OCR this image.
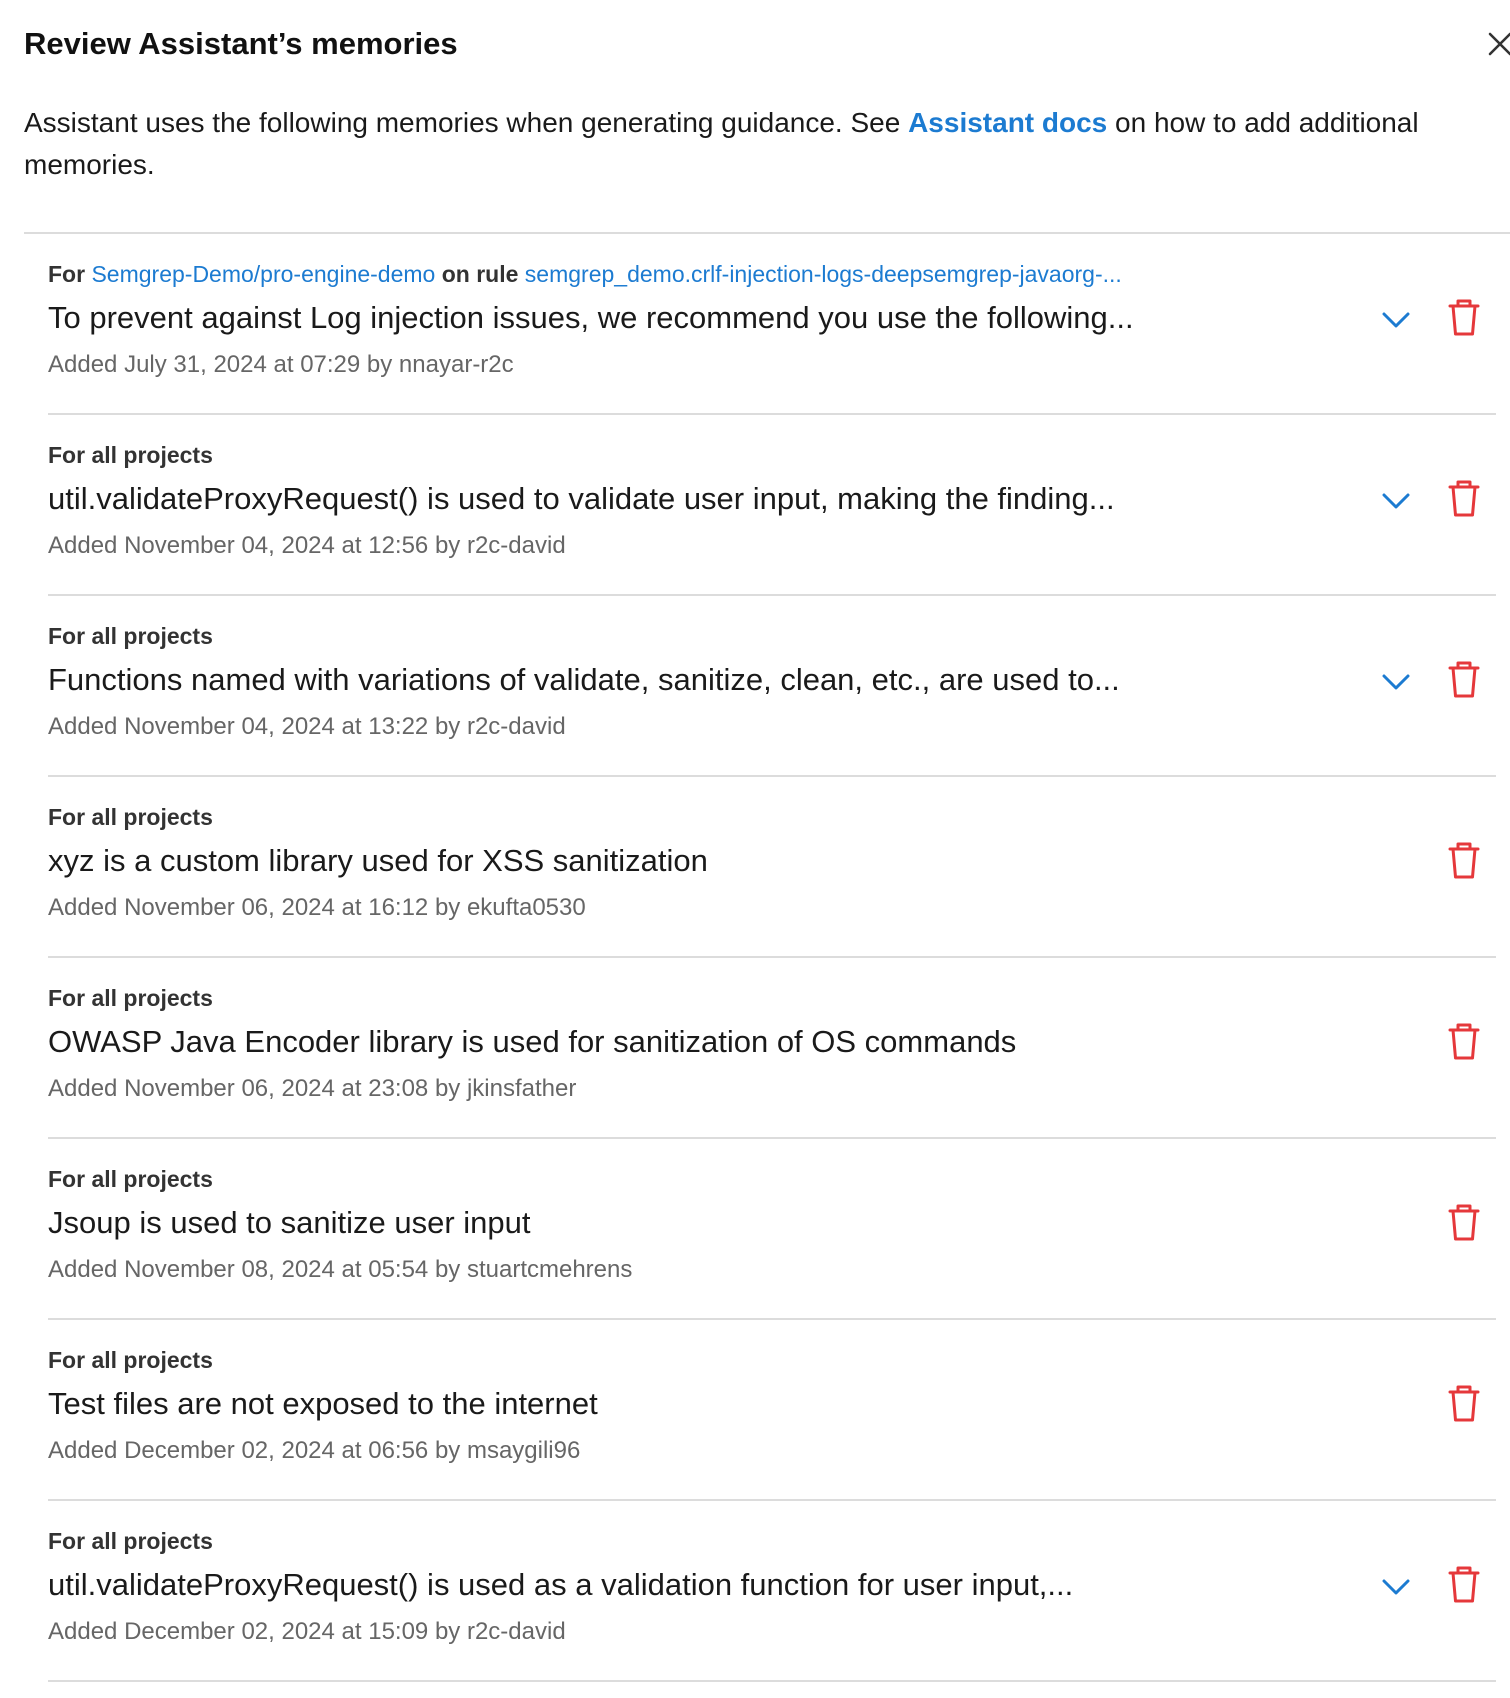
Review Assistant’s memories

Assistant uses the following memories when generating guidance. See Assistant docs on how to add additional memories.

For Semgrep-Demo/pro-engine-demo on rule semgrep_demo.crlf-injection-logs-deepsemgrep-javaorg-...
To prevent against Log injection issues, we recommend you use the following...
Added July 31, 2024 at 07:29 by nnayar-r2c
For all projects
util.validateProxyRequest() is used to validate user input, making the finding...
Added November 04, 2024 at 12:56 by r2c-david
For all projects
Functions named with variations of validate, sanitize, clean, etc., are used to...
Added November 04, 2024 at 13:22 by r2c-david
For all projects
xyz is a custom library used for XSS sanitization
Added November 06, 2024 at 16:12 by ekufta0530
For all projects
OWASP Java Encoder library is used for sanitization of OS commands
Added November 06, 2024 at 23:08 by jkinsfather
For all projects
Jsoup is used to sanitize user input
Added November 08, 2024 at 05:54 by stuartcmehrens
For all projects
Test files are not exposed to the internet
Added December 02, 2024 at 06:56 by msaygili96
For all projects
util.validateProxyRequest() is used as a validation function for user input,...
Added December 02, 2024 at 15:09 by r2c-david
